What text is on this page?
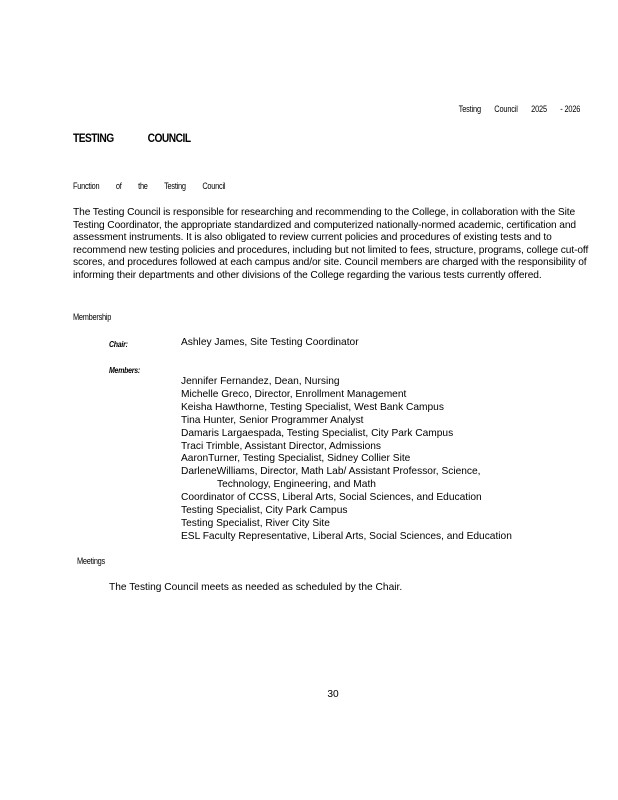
Testing Council 2025 - 2026
TESTING	COUNCIL
Function of the Testing Council

The Testing Council is responsible for researching and recommending to the College, in collaboration with the Site Testing Coordinator, the appropriate standardized and computerized nationally-normed academic, certification and assessment instruments. It is also obligated to review current policies and procedures of existing tests and to recommend new testing policies and procedures, including but not limited to fees, structure, programs, college cut-off scores, and procedures followed at each campus and/or site. Council members are charged with the responsibility of informing their departments and other divisions of the College regarding the various tests currently offered.

Membership
Chair:	Ashley James, Site Testing Coordinator
Members:
Jennifer Fernandez, Dean, Nursing
Michelle Greco, Director, Enrollment Management
Keisha Hawthorne, Testing Specialist, West Bank Campus
Tina Hunter, Senior Programmer Analyst
Damaris Largaespada, Testing Specialist, City Park Campus
Traci Trimble, Assistant Director, Admissions
AaronTurner, Testing Specialist, Sidney Collier Site
DarleneWilliams, Director, Math Lab/ Assistant Professor, Science,
Technology, Engineering, and Math
Coordinator of CCSS, Liberal Arts, Social Sciences, and Education
Testing Specialist, City Park Campus
Testing Specialist, River City Site
ESL Faculty Representative, Liberal Arts, Social Sciences, and Education
Meetings
The Testing Council meets as needed as scheduled by the Chair.
30
